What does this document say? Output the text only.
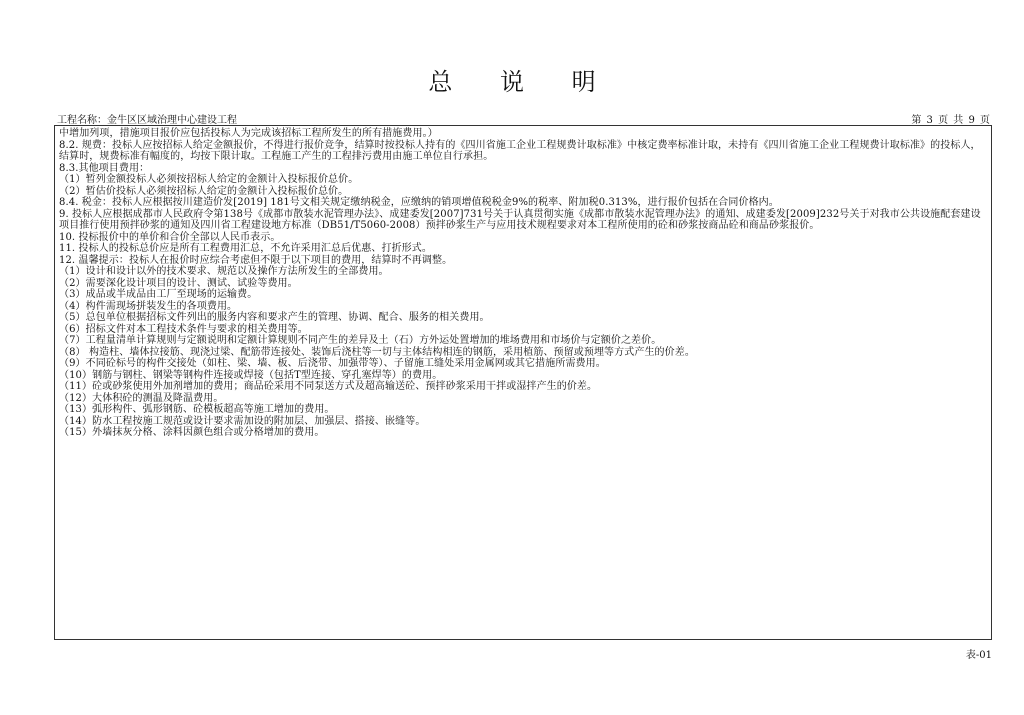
总 说 明
工程名称：金牛区区域治理中心建设工程	第 3 页 共 9 页

中增加列项，措施项目报价应包括投标人为完成该招标工程所发生的所有措施费用。）

8.2. 规费：投标人应按招标人给定金额报价，不得进行报价竞争，结算时按投标人持有的《四川省施工企业工程规费计取标准》中核定费率标准计取，未持有《四川省施工企业工程规费计取标准》的投标人，结算时，规费标准有幅度的，均按下限计取。工程施工产生的工程排污费用由施工单位自行承担。

8.3.其他项目费用：

（1）暂列金额投标人必须按招标人给定的金额计入投标报价总价。

（2）暂估价投标人必须按招标人给定的金额计入投标报价总价。

8.4. 税金：投标人应根据按川建造价发[2019] 181号文相关规定缴纳税金，应缴纳的销项增值税税金9%的税率、附加税0.313%，进行报价包括在合同价格内。

9. 投标人应根据成都市人民政府令第138号《成都市散装水泥管理办法》、成建委发[2007]731号关于认真贯彻实施《成都市散装水泥管理办法》的通知、成建委发[2009]232号关于对我市公共设施配套建设项目推行使用预拌砂浆的通知及四川省工程建设地方标准（DB51/T5060-2008）预拌砂浆生产与应用技术规程要求对本工程所使用的砼和砂浆按商品砼和商品砂浆报价。

10. 投标报价中的单价和合价全部以人民币表示。

11. 投标人的投标总价应是所有工程费用汇总，不允许采用汇总后优惠、打折形式。

12. 温馨提示：投标人在报价时应综合考虑但不限于以下项目的费用，结算时不再调整。

（1）设计和设计以外的技术要求、规范以及操作方法所发生的全部费用。

（2）需要深化设计项目的设计、测试、试验等费用。

（3）成品或半成品由工厂至现场的运输费。

（4）构件需现场拼装发生的各项费用。

（5）总包单位根据招标文件列出的服务内容和要求产生的管理、协调、配合、服务的相关费用。

（6）招标文件对本工程技术条件与要求的相关费用等。

（7）工程量清单计算规则与定额说明和定额计算规则不同产生的差异及土（石）方外运处置增加的堆场费用和市场价与定额价之差价。

（8） 构造柱、墙体拉接筋、现浇过梁、配筋带连接处、装饰后浇柱等一切与主体结构相连的钢筋，采用植筋、预留或预埋等方式产生的价差。

（9）不同砼标号的构件交接处（如柱、梁、墙、板、后浇带、加强带等）、子留施工缝处采用金属网或其它措施所需费用。

（10）钢筋与钢柱、钢梁等钢构件连接或焊接（包括T型连接、穿孔塞焊等）的费用。

（11）砼或砂浆使用外加剂增加的费用；商品砼采用不同泵送方式及超高输送砼、预拌砂浆采用干拌或湿拌产生的价差。

（12）大体积砼的测温及降温费用。

（13）弧形构件、弧形钢筋、砼模板超高等施工增加的费用。

（14）防水工程按施工规范或设计要求需加设的附加层、加强层、搭接、嵌缝等。

（15）外墙抹灰分格、涂料因颜色组合或分格增加的费用。

表-01
